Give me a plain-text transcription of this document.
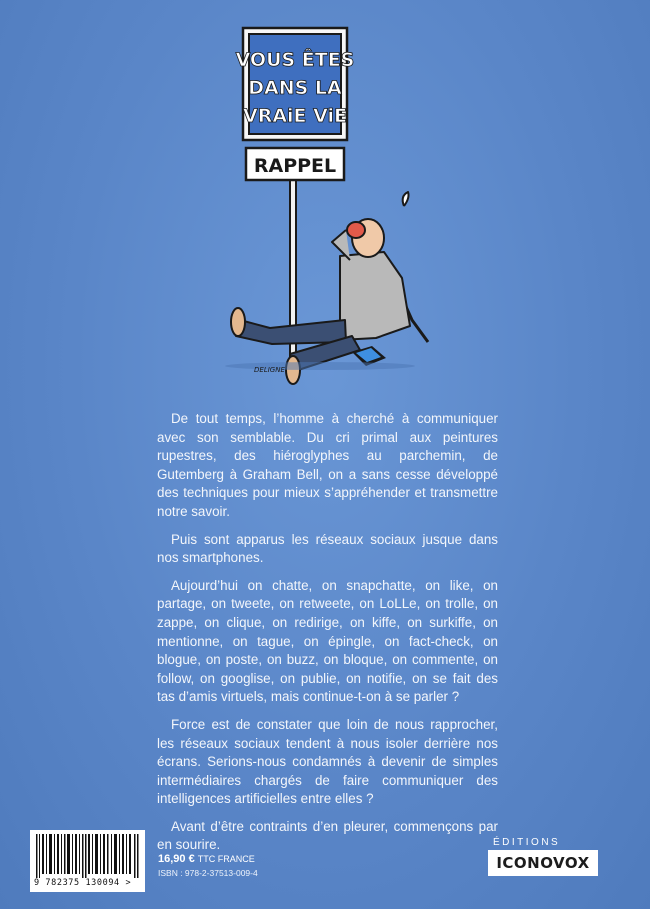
VOUS ÊTES
DANS LA
VRAiE ViE
RAPPEL
DELIGNE

De tout temps, l’homme à cherché à communiquer avec son semblable. Du cri primal aux peintures rupestres, des hiéroglyphes au parchemin, de Gutemberg à Graham Bell, on a sans cesse développé des techniques pour mieux s’appréhender et transmettre notre savoir.

Puis sont apparus les réseaux sociaux jusque dans nos smartphones.

Aujourd’hui on chatte, on snapchatte, on like, on partage, on tweete, on retweete, on LoLLe, on trolle, on zappe, on clique, on redirige, on kiffe, on surkiffe, on mentionne, on tague, on épingle, on fact-check, on blogue, on poste, on buzz, on bloque, on commente, on follow, on googlise, on publie, on notifie, on se fait des tas d’amis virtuels, mais continue-t-on à se parler ?

Force est de constater que loin de nous rapprocher, les réseaux sociaux tendent à nous isoler derrière nos écrans. Serions-nous condamnés à devenir de simples intermédiaires chargés de faire communiquer des intelligences artificielles entre elles ?

Avant d’être contraints d’en pleurer, commençons par en sourire.

9 782375 130094 >
16,90 € TTC FRANCE
ISBN : 978-2-37513-009-4
ÉDITIONS
ICONOVOX
